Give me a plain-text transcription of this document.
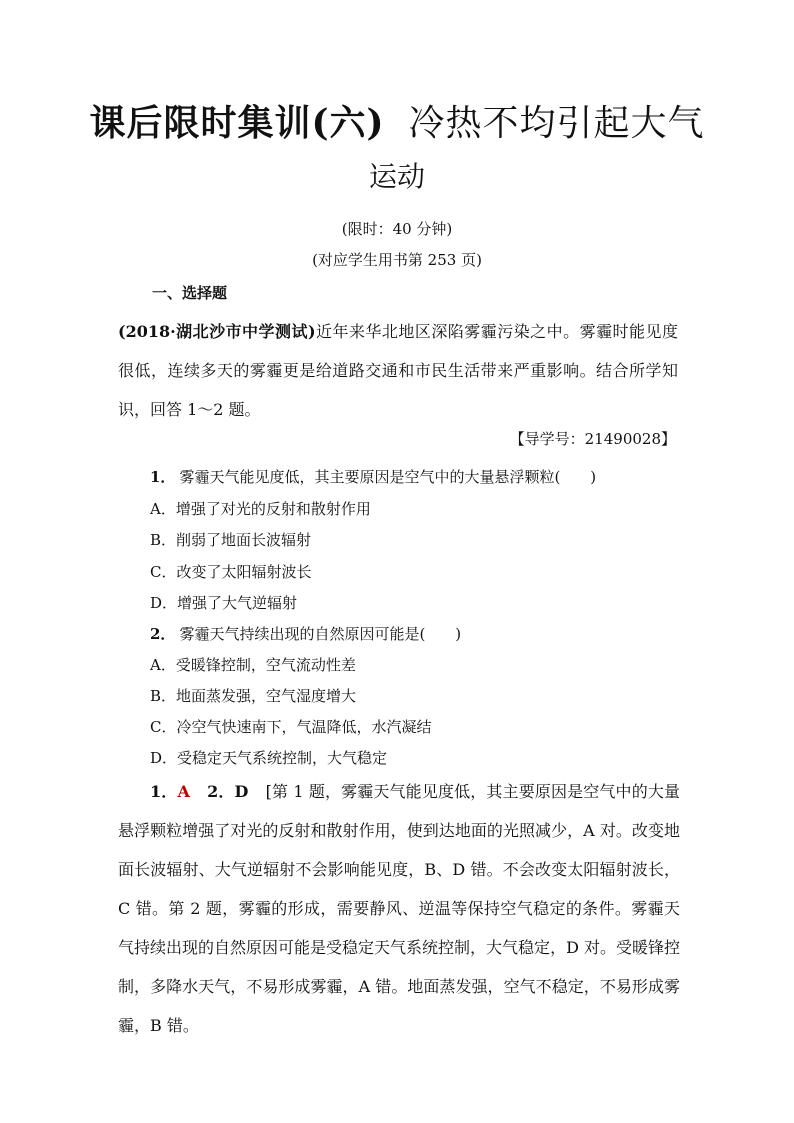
课后限时集训(六) 冷热不均引起大气
运动
(限时：40 分钟)
(对应学生用书第 253 页)
一、选择题
(2018·湖北沙市中学测试)近年来华北地区深陷雾霾污染之中。雾霾时能见度很低，连续多天的雾霾更是给道路交通和市民生活带来严重影响。结合所学知识，回答 1～2 题。
【导学号：21490028】
1． 雾霾天气能见度低，其主要原因是空气中的大量悬浮颗粒(　　)
A．增强了对光的反射和散射作用
B．削弱了地面长波辐射
C．改变了太阳辐射波长
D．增强了大气逆辐射
2． 雾霾天气持续出现的自然原因可能是(　　)
A．受暖锋控制，空气流动性差
B．地面蒸发强，空气湿度增大
C．冷空气快速南下，气温降低，水汽凝结
D．受稳定天气系统控制，大气稳定
1．A 2．D [第 1 题，雾霾天气能见度低，其主要原因是空气中的大量悬浮颗粒增强了对光的反射和散射作用，使到达地面的光照减少，A 对。改变地面长波辐射、大气逆辐射不会影响能见度，B、D 错。不会改变太阳辐射波长，C 错。第 2 题，雾霾的形成，需要静风、逆温等保持空气稳定的条件。雾霾天气持续出现的自然原因可能是受稳定天气系统控制，大气稳定，D 对。受暖锋控制，多降水天气，不易形成雾霾，A 错。地面蒸发强，空气不稳定，不易形成雾霾，B 错。
